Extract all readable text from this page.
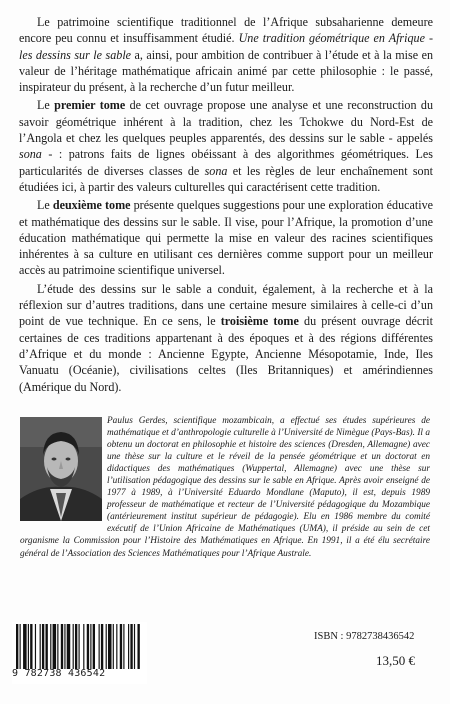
Le patrimoine scientifique traditionnel de l’Afrique subsaharienne demeure encore peu connu et insuffisamment étudié. Une tradition géométrique en Afrique - les dessins sur le sable a, ainsi, pour ambition de contribuer à l’étude et à la mise en valeur de l’héritage mathématique africain animé par cette philosophie : le passé, inspirateur du présent, à la recherche d’un futur meilleur.

Le premier tome de cet ouvrage propose une analyse et une reconstruction du savoir géométrique inhérent à la tradition, chez les Tchokwe du Nord-Est de l’Angola et chez les quelques peuples apparentés, des dessins sur le sable - appelés sona - : patrons faits de lignes obéissant à des algorithmes géométriques. Les particularités de diverses classes de sona et les règles de leur enchaînement sont étudiées ici, à partir des valeurs culturelles qui caractérisent cette tradition.

Le deuxième tome présente quelques suggestions pour une exploration éducative et mathématique des dessins sur le sable. Il vise, pour l’Afrique, la promotion d’une éducation mathématique qui permette la mise en valeur des racines scientifiques inhérentes à sa culture en utilisant ces dernières comme support pour un meilleur accès au patrimoine scientifique universel.

L’étude des dessins sur le sable a conduit, également, à la recherche et à la réflexion sur d’autres traditions, dans une certaine mesure similaires à celle-ci d’un point de vue technique. En ce sens, le troisième tome du présent ouvrage décrit certaines de ces traditions appartenant à des époques et à des régions différentes d’Afrique et du monde : Ancienne Egypte, Ancienne Mésopotamie, Inde, Iles Vanuatu (Océanie), civilisations celtes (Iles Britanniques) et amérindiennes (Amérique du Nord).

Paulus Gerdes, scientifique mozambicain, a effectué ses études supérieures de mathématique et d’anthropologie culturelle à l’Université de Nimègue (Pays-Bas). Il a obtenu un doctorat en philosophie et histoire des sciences (Dresden, Allemagne) avec une thèse sur la culture et le réveil de la pensée géométrique et un doctorat en didactiques des mathématiques (Wuppertal, Allemagne) avec une thèse sur l’utilisation pédagogique des dessins sur le sable en Afrique. Après avoir enseigné de 1977 à 1989, à l’Université Eduardo Mondlane (Maputo), il est, depuis 1989 professeur de mathématique et recteur de l’Université pédagogique du Mozambique (antérieurement institut supérieur de pédagogie). Elu en 1986 membre du comité exécutif de l’Union Africaine de Mathématiques (UMA), il préside au sein de cet organisme la Commission pour l’Histoire des Mathématiques en Afrique. En 1991, il a été élu secrétaire général de l’Association des Sciences Mathématiques pour l’Afrique Australe.
9 782738 436542
ISBN : 9782738436542
13,50 €
